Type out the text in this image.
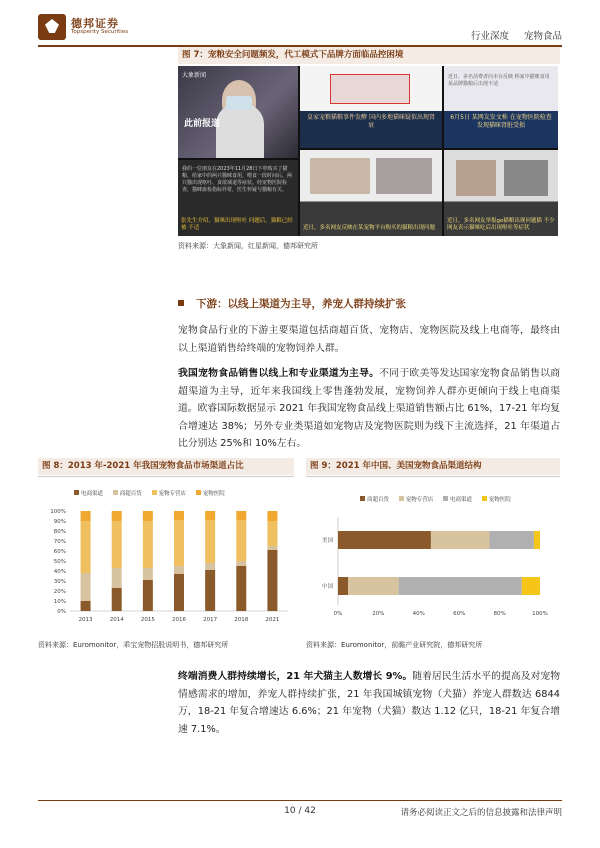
德邦证券
Topsperity Securities	行业深度 宠物食品
图 7：宠粮安全问题频发，代工模式下品牌方面临品控困境
大象新闻
此前报道
皇家宠粮猫粮事件发酵 国内多地猫咪疑似出现肾衰
近日，多名消费者向本台反映 称家中猫咪食用某品牌猫粮后出现不适
6月5日 某网友发文称 在宠物医院检查发现猫咪肾脏受损
我的一位朋友在2023年11月28日下单购买了猫粮，给家中的两只猫咪食用，喂食一段时间后，两只猫出现呕吐、食欲减退等症状。经宠物医院检查，猫咪血检指标异常，医生怀疑与猫粮有关。
张先生介绍，猫咪出现呕吐 问题后，猫粮已经被 不适	近日，多名网友反映在某宠物平台购买的猫粮出现问题
近日，多名网友举报go猫粮出现问题猫 不少网友表示猫咪吃后出现呕吐等症状
资料来源：大象新闻，红星新闻，德邦研究所
下游：以线上渠道为主导，养宠人群持续扩张
宠物食品行业的下游主要渠道包括商超百货、宠物店、宠物医院及线上电商等，最终由以上渠道销售给终端的宠物饲养人群。
我国宠物食品销售以线上和专业渠道为主导。不同于欧美等发达国家宠物食品销售以商超渠道为主导，近年来我国线上零售蓬勃发展，宠物饲养人群亦更倾向于线上电商渠道。欧睿国际数据显示 2021 年我国宠物食品线上渠道销售额占比 61%，17-21 年均复合增速达 38%；另外专业类渠道如宠物店及宠物医院则为线下主流选择，21 年渠道占比分别达 25%和 10%左右。
图 8：2013 年-2021 年我国宠物食品市场渠道占比
电商渠道	商超百货	宠物专营店	宠物医院
0%
10%
20%
30%
40%
50%
60%
70%
80%
90%
100%
2013	2014	2015	2016	2017	2018	2021
资料来源：Euromonitor，乖宝宠物招股说明书，德邦研究所
图 9：2021 年中国、美国宠物食品渠道结构
商超百货	宠物专营店	电商渠道	宠物医院
0%	20%	40%	60%	80%	100%
美国
中国
资料来源：Euromonitor，前瞻产业研究院，德邦研究所
终端消费人群持续增长，21 年犬猫主人数增长 9%。随着居民生活水平的提高及对宠物情感需求的增加，养宠人群持续扩张，21 年我国城镇宠物（犬猫）养宠人群数达 6844 万，18-21 年复合增速达 6.6%；21 年宠物（犬猫）数达 1.12 亿只，18-21 年复合增速 7.1%。
10 / 42	请务必阅读正文之后的信息披露和法律声明
